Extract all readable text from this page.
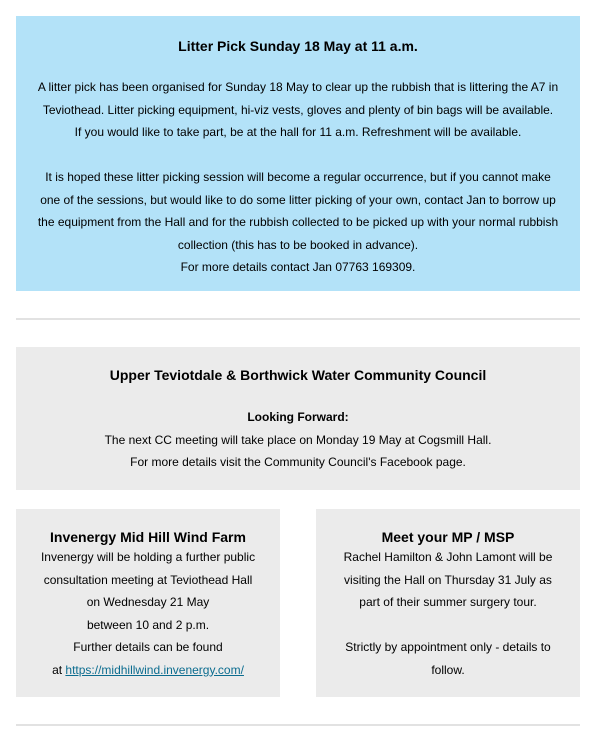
Litter Pick Sunday 18 May at 11 a.m.
A litter pick has been organised for Sunday 18 May to clear up the rubbish that is littering the A7 in
Teviothead. Litter picking equipment, hi-viz vests, gloves and plenty of bin bags will be available.
If you would like to take part, be at the hall for 11 a.m. Refreshment will be available.
It is hoped these litter picking session will become a regular occurrence, but if you cannot make
one of the sessions, but would like to do some litter picking of your own, contact Jan to borrow up
the equipment from the Hall and for the rubbish collected to be picked up with your normal rubbish
collection (this has to be booked in advance).
For more details contact Jan 07763 169309.
Upper Teviotdale & Borthwick Water Community Council
Looking Forward:
The next CC meeting will take place on Monday 19 May at Cogsmill Hall.
For more details visit the Community Council's Facebook page.
Invenergy Mid Hill Wind Farm
Invenergy will be holding a further public
consultation meeting at Teviothead Hall
on Wednesday 21 May
between 10 and 2 p.m.
Further details can be found
at https://midhillwind.invenergy.com/
Meet your MP / MSP
Rachel Hamilton & John Lamont will be
visiting the Hall on Thursday 31 July as
part of their summer surgery tour.
Strictly by appointment only - details to
follow.
